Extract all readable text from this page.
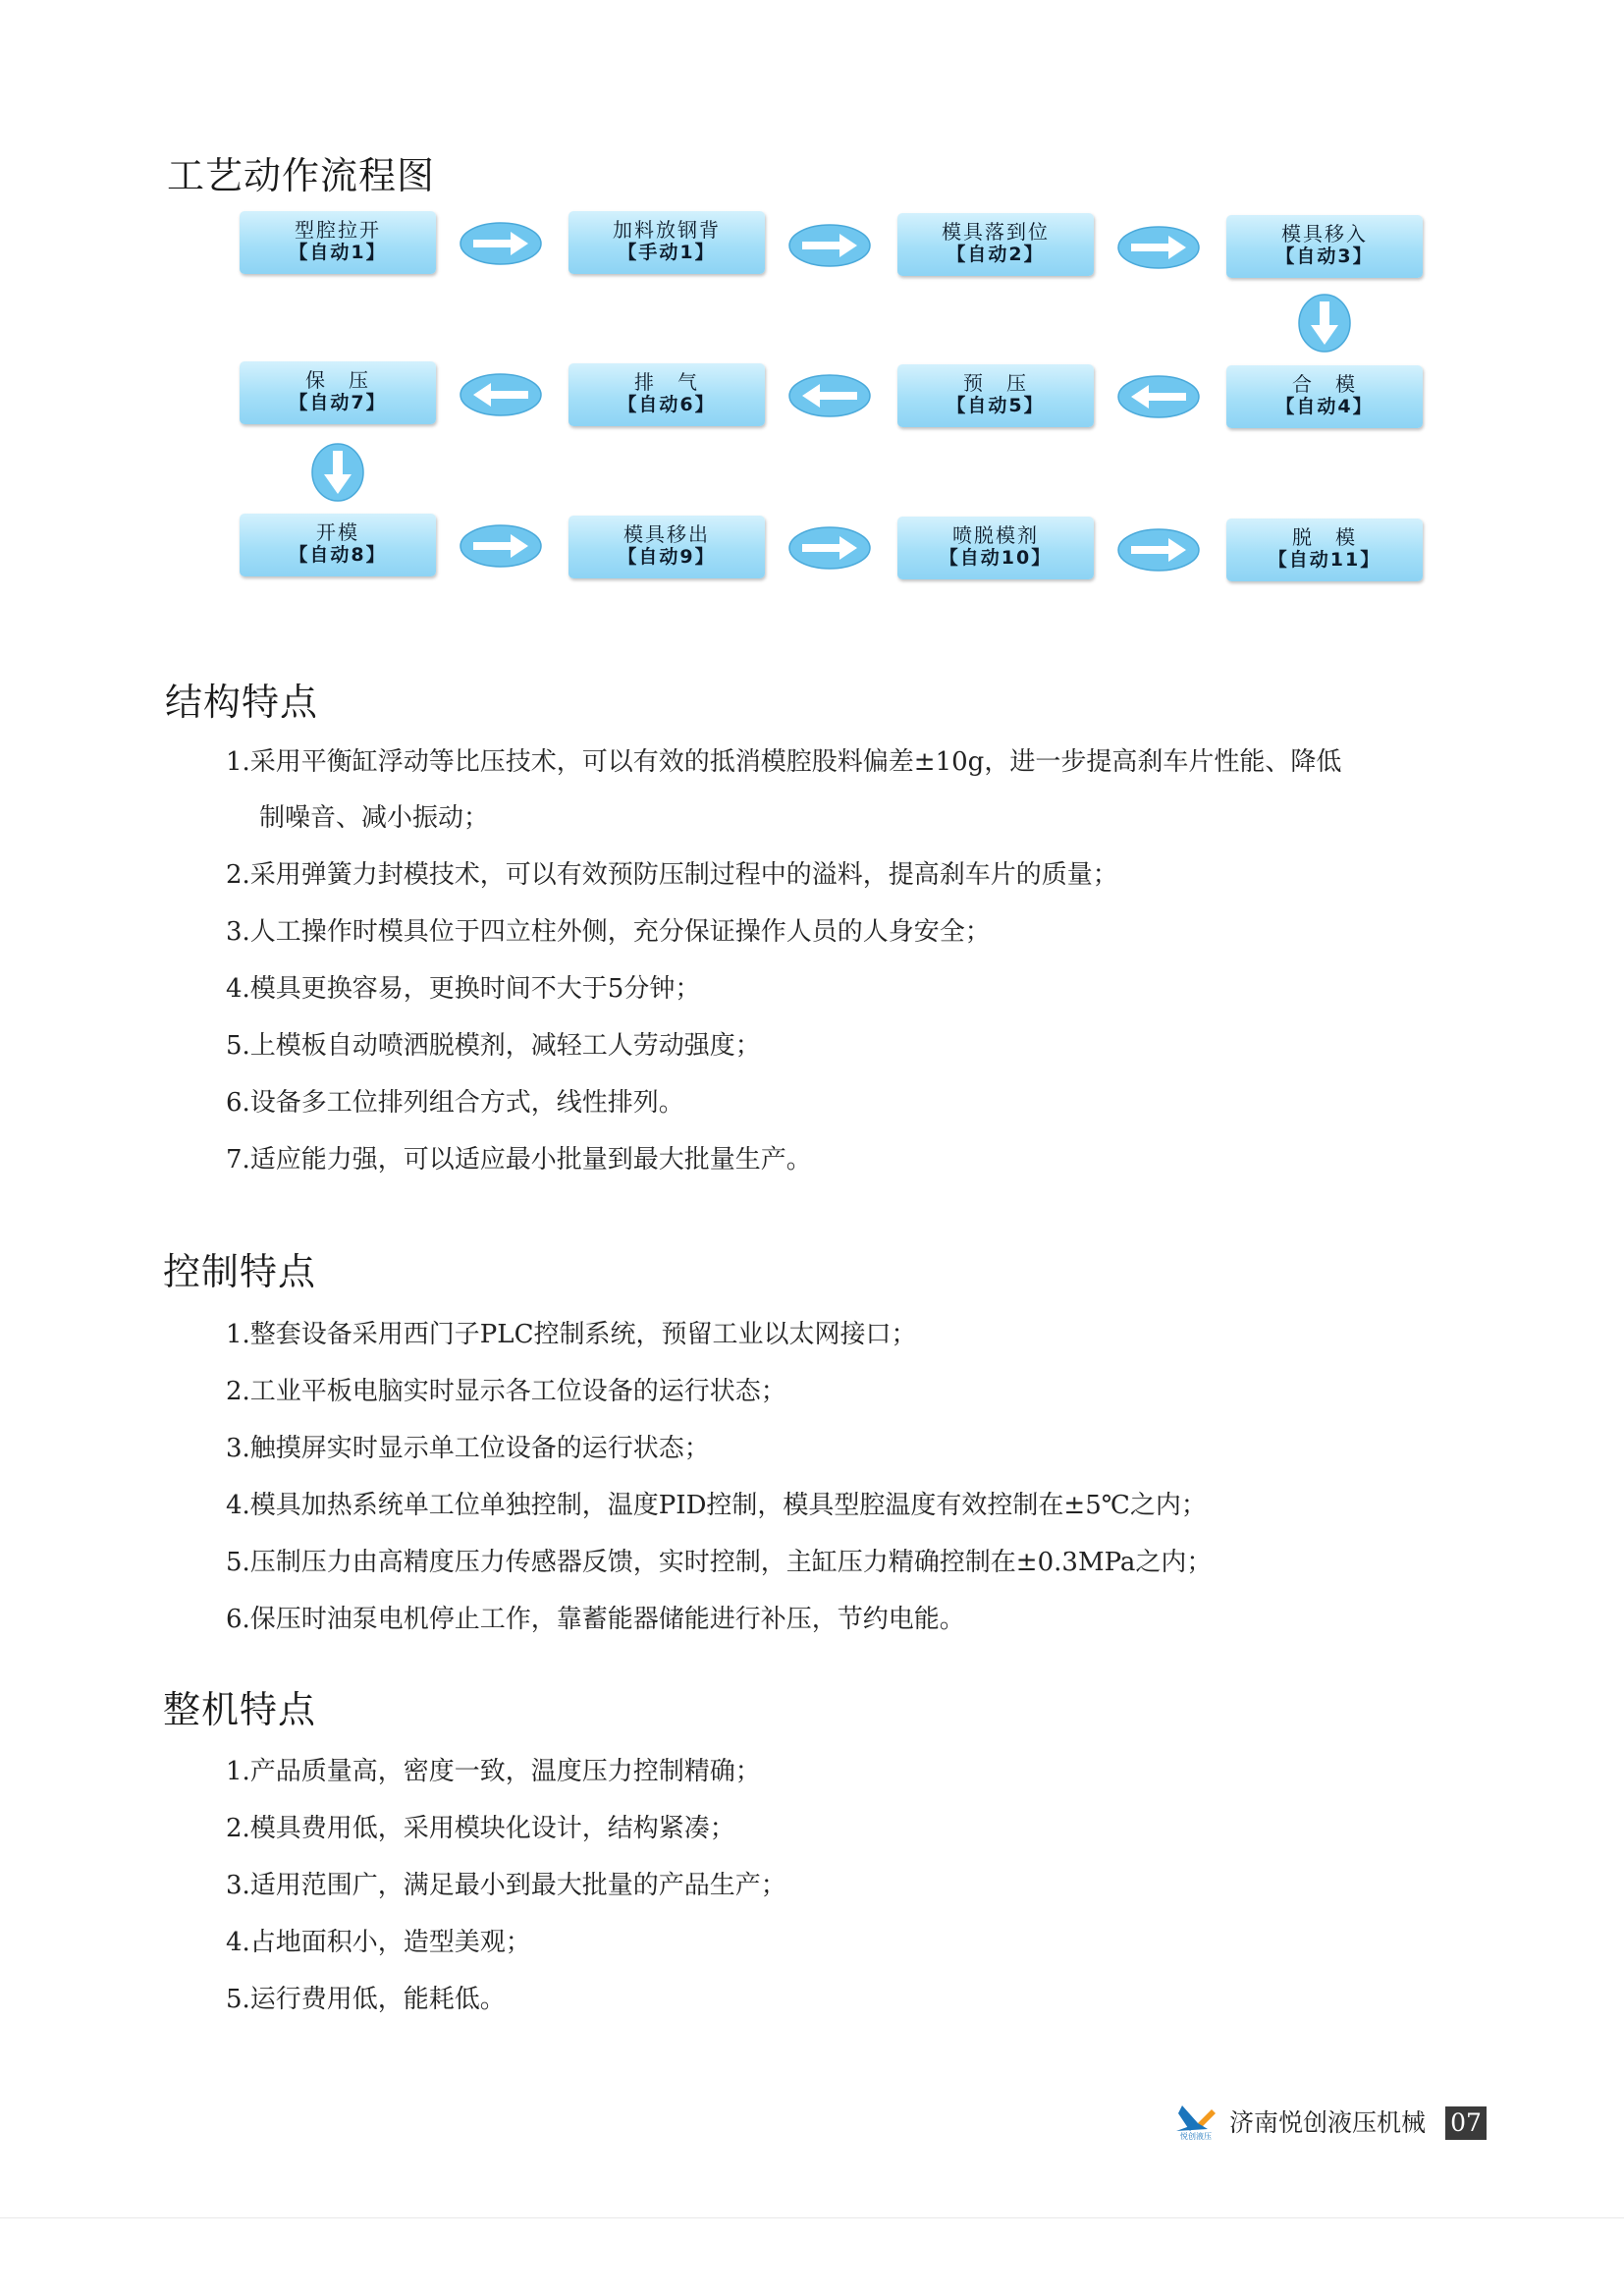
工艺动作流程图
型腔拉开
【自动1】
加料放钢背
【手动1】
模具落到位
【自动2】
模具移入
【自动3】
保　压
【自动7】
排　气
【自动6】
预　压
【自动5】
合　模
【自动4】
开模
【自动8】
模具移出
【自动9】
喷脱模剂
【自动10】
脱　模
【自动11】
结构特点
1.采用平衡缸浮动等比压技术，可以有效的抵消模腔股料偏差±10g，进一步提高刹车片性能、降低
制噪音、减小振动；
2.采用弹簧力封模技术，可以有效预防压制过程中的溢料，提高刹车片的质量；
3.人工操作时模具位于四立柱外侧，充分保证操作人员的人身安全；
4.模具更换容易，更换时间不大于5分钟；
5.上模板自动喷洒脱模剂，减轻工人劳动强度；
6.设备多工位排列组合方式，线性排列。
7.适应能力强，可以适应最小批量到最大批量生产。
控制特点
1.整套设备采用西门子PLC控制系统，预留工业以太网接口；
2.工业平板电脑实时显示各工位设备的运行状态；
3.触摸屏实时显示单工位设备的运行状态；
4.模具加热系统单工位单独控制，温度PID控制，模具型腔温度有效控制在±5℃之内；
5.压制压力由高精度压力传感器反馈，实时控制，主缸压力精确控制在±0.3MPa之内；
6.保压时油泵电机停止工作，靠蓄能器储能进行补压，节约电能。
整机特点
1.产品质量高，密度一致，温度压力控制精确；
2.模具费用低，采用模块化设计，结构紧凑；
3.适用范围广，满足最小到最大批量的产品生产；
4.占地面积小，造型美观；
5.运行费用低，能耗低。
悦创液压 济南悦创液压机械 07
